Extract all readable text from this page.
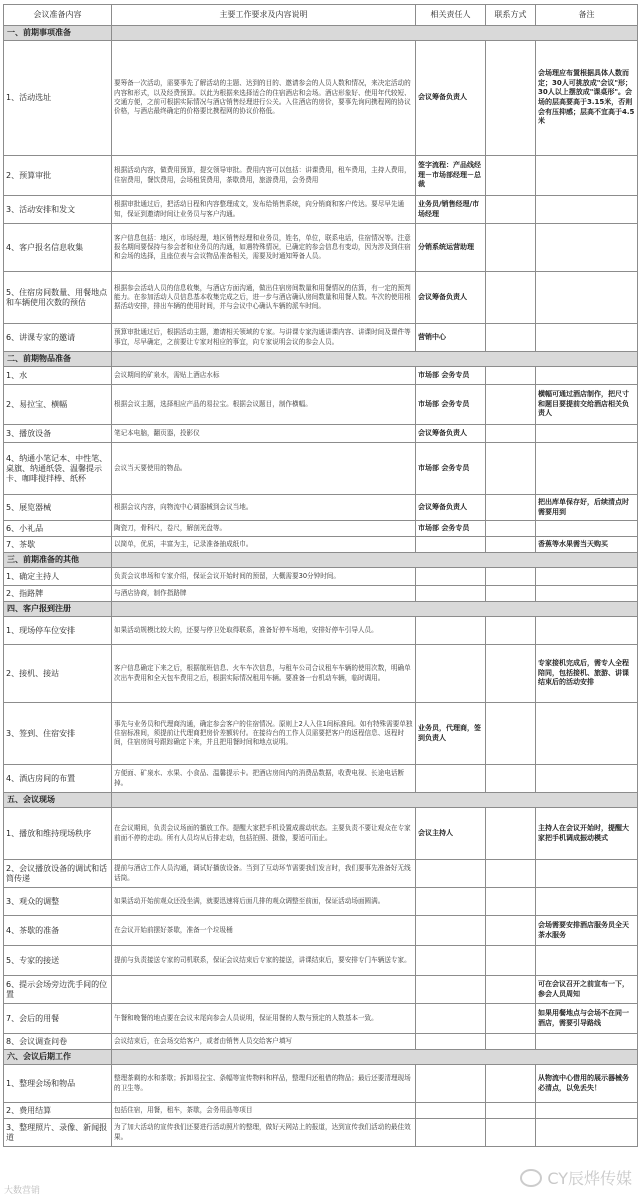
会议准备内容	主要工作要求及内容说明	相关责任人	联系方式	备注
一、前期事项准备				
1、活动选址	要筹备一次活动，需要事先了解活动的主题、达到的目的、邀请参会的人员人数和情况，来决定活动的内容和形式，以及经费预算。以此为根据来选择适合的住宿酒店和会场。酒店形象好、使用年代较短、交通方便，之前可根据实际情况与酒店销售经理进行公关。入住酒店的房价，要事先询问携程网的协议价格，与酒店最终确定的价格要比携程网的协议价格低。	会议筹备负责人		会场理应布置根据具体人数而定；30人可挑放成"会议"形；30人以上摆放成"课桌形"。会场的层高要高于3.15米，否则会有压抑感；层高不宜高于4.5米
2、预算审批	根据活动内容，做费用预算，提交领导审批。费用内容可以包括：讲课费用，租车费用，主持人费用，住宿费用，餐饮费用，会场租赁费用，茶歇费用，旅游费用，会务费用	签字流程：产品线经理－市场部经理－总裁		
3、活动安排和发文	根据审批通过后，把活动日程和内容整理成文，发布给销售系统，向分销商和客户传达。要尽早先通知，保证到邀请时间让业务员与客户沟通。	业务员/销售经理/市场经理		
4、客户报名信息收集	客户信息包括：地区，市场经理，地区销售经理和业务员，姓名，单位，联系电话，住宿情况等。注意报名期间要保持与参会者和业务员的沟通，如遇特殊情况，已确定的参会信息有变动，因为涉及到住宿和会场的选择，且座位表与会议物品准备相关，需要及时通知筹备人员。	分销系统运营助理		
5、住宿房间数量、用餐地点和车辆使用次数的预估	根据参会活动人员的信息收集，与酒店方面沟通，做出住宿房间数量和用餐情况的估算，有一定的预判能力。在参加活动人员信息基本收集完成之后，进一步与酒店确认房间数量和用餐人数。车次的使用根据活动安排，排出车辆的使用时间，并与会议中心确认车辆的派车时间。	会议筹备负责人		
6、讲课专家的邀请	预算审批通过后，根据活动主题，邀请相关领域的专家。与讲课专家沟通讲课内容、讲课时间及课件等事宜，尽早确定，之前要让专家对相应的事宜，向专家说明会议的参会人员。	营销中心		
二、前期物品准备				
1、水	会议期间的矿泉水，需贴上酒店水标	市场部 会务专员		
2、易拉宝、横幅	根据会议主题，选择相应产品的易拉宝。根据会议题目，制作横幅。	市场部 会务专员		横幅可通过酒店制作，把尺寸和题目要提前交给酒店相关负责人
3、播放设备	笔记本电脑，翻页器，投影仪	会议筹备负责人		
4、纳通小笔记本、中性笔、桌旗、纳通纸袋、温馨提示卡、咖啡搅拌棒、纸杯	会议当天要使用的物品。	市场部 会务专员		
5、展览器械	根据会议内容，向物流中心调器械到会议当地。	会议筹备负责人		把出库单保存好，后续清点时需要用到
6、小礼品	陶瓷刀，骨科尺，卷尺，解剖光盘等。	市场部 会务专员		
7、茶歇	以简单，优质，丰富为主，记录准备抽成纸巾。			香蕉等水果需当天购买
三、前期准备的其他				
1、确定主持人	负责会议串场和专家介绍，保证会议开始时间的预留，大概需要30分钟时间。			
2、指路牌	与酒店协商，制作指路牌			
四、客户报到注册				
1、现场停车位安排	如果活动规模比较大的，还要与停卫处取得联系，准备好停车场地，安排好停车引导人员。			
2、接机、接站	客户信息确定下来之后，根据航班信息、火车车次信息，与租车公司合议租车车辆的使用次数，明确单次出车费用和全天包车费用之后，根据实际情况租用车辆。要准备一台机动车辆，临时调用。			专家接机完成后，需专人全程陪同，包括接机、旅游、讲课结束后的活动安排
3、签到、住宿安排	事先与业务员和代理商沟通，确定参会客户的住宿情况。原则上2人入住1间标准间。如有特殊需要单独住宿标准间，须提前让代理商把房价差额转付。在接待台的工作人员需要把客户的返程信息、返程时间，住宿房间号跟踪确定下来，并且把用餐时间和地点说明。	业务员，代理商，签到负责人		
4、酒店房间的布置	方便面、矿泉水、水果、小食品、温馨提示卡。把酒店房间内的消费品数据，收费电视、长途电话断掉。			
五、会议现场				
1、播放和维持现场秩序	在会议期间，负责会议场面的播放工作。提醒大家把手机设置成震动状态。主要负责不要让观众在专家前面不停的走动。所有人员均从后排走动，包括拍照、摄像，要适可而止。	会议主持人		主持人在会议开始时，提醒大家把手机调成振动模式
2、会议播放设备的调试和话筒传递	提前与酒店工作人员沟通，调试好播放设备。当到了互动环节需要我们发言时，我们要事先准备好无线话筒。			
3、观众的调整	如果活动开始前观众还没坐满，就要迅速将后面几排的观众调整至前面，保证活动场面圆满。			
4、茶歇的准备	在会议开始前摆好茶歇，准备一个垃圾桶			会场需要安排酒店服务员全天茶水服务
5、专家的接送	提前与负责接送专家的司机联系，保证会议结束后专家的接送，讲课结束后，要安排专门车辆送专家。			
6、提示会场旁边洗手间的位置				可在会议召开之前宣布一下，参会人员周知
7、会后的用餐	午餐和晚餐的地点要在会议末尾向参会人员说明，保证用餐的人数与预定的人数基本一致。			如果用餐地点与会场不在同一酒店，需要引导路线
8、会议调查问卷	会议结束后，在会场交给客户，或者由销售人员交给客户填写			
六、会议后期工作				
1、整理会场和物品	整理茶剩的水和茶歇；拆卸易拉宝、条幅等宣传物料和样品，整理归还租借的物品；最后还要清理现场的卫生等。			从物流中心借用的展示器械务必清点，以免丢失！
2、费用结算	包括住宿，用餐，租车，茶歇，会务用品等项目			
3、整理照片、录像、新闻报道	为了加大活动的宣传我们还要进行活动照片的整理，做好天网站上的报道，达到宣传我们活动的最佳效果。			
大数营销
CY辰烨传媒
